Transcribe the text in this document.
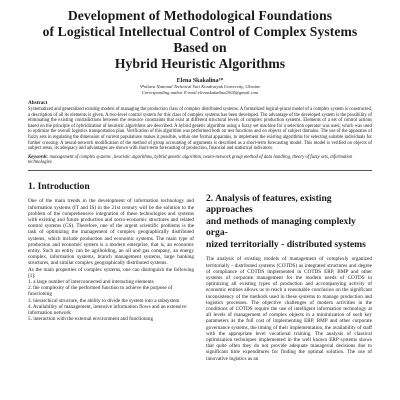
Development of Methodological Foundations
of Logistical Intellectual Control of Complex Systems Based on
Hybrid Heuristic Algorithms
Elena Skakalina¹*
¹Poltava National Technical Yuri Kondratyuk University, Ukraine
Corresponding author E-mail:elenaskakalina2504@gmail.com
Abstract
Systematized and generalized existing models of managing the production class of complex distributed systems. A formalized logical-plural model of a complex system is constructed, a description of all its elements is given. A two-level control system for this class of complex systems has been developed. The advantage of the developed system is the possibility of eliminating the existing contradictions between the resource constraints that exist at different structural levels of complex production systems. Elements of a set of control actions based on the principle of hybridization of heuristic algorithms are described. A hybrid genetic algorithm using a fuzzy set machine for a selection operator was used, which was used to optimize the overall logistics transportation plan. Verification of this algorithm was performed both on test functions and on objects of subject domains. The use of the apparatus of fuzzy sets in regulating the dimension of current populations makes it possible, within one formal apparatus, to implement the existing algorithms for selecting suitable individuals for further crossing. A neural-network modification of the method of group accounting of arguments is described as a short-term forecasting model. This model is verified on objects of subject areas, its adequacy and advantages are shown with short-term forecasting of production, financial and statistical indicators.
Keywords: management of complex systems , heuristic algorithms, hybrid genetic algorithm, neuro-network group method of data handling, theory of fuzzy sets, information technologies
1. Introduction

One of the main trends in the development of information technology and information systems (IT and IS) in the 21st century will be the solution to the problem of the comprehensive integration of these technologies and systems with existing and future production and socio-economic structures and related control systems (CS). Therefore, one of the urgent scientific problems is the task of optimizing the management of complex geographically distributed systems, which include production and economic systems. The main type of production and economic system is a modern enterprise, that is, an economic entity. Such an entity can be agriholding, an oil and gas company, an energy complex, information systems, branch management systems, large banking structures, and similar complex geographically distributed systems.

As the main properties of complex systems, one can distinguish the following [1]:

1. a large number of interconnected and interacting elements

2. the complexity of the performed function to achieve the purpose of functioning

3. hierarchical structure, the ability to divide the system into a subsystem

4. Availability of management, intensive information flows and an extensive information network

5. interaction with the external environment and functioning

2. Analysis of features, existing approaches
and methods of managing complexly orga-
nized territorially - distributed systems

The analysis of existing models of management of complexly organized territorially - distributed systems (COTDS) as integrated structures and degree of compliance of COTDS implemented in COTDS ERP, BMP and other systems of corporate management for the modern needs of COTDS in optimizing all existing types of production and accompanying activity of economic entities allows us to reach a reasonable conclusion on the significant inconsistency of the methods used in these systems to manage production and logistics processes. The objective challenges of modern activities in the conditions of COTDS require the use of intelligent information technology at all levels of management of complex objects in a minimization of such key parameters as the full cost of implementing ERP, BMP and other corporate governance systems, the timing of their implementation, the availability of staff with the appropriate level vocational training. The analysis of classical optimization techniques implemented in the well known ERP systems shows that quite often they do not provide adequate managerial decisions due to significant time expenditures for finding the optimal solution. The use of innovative logistics as an
